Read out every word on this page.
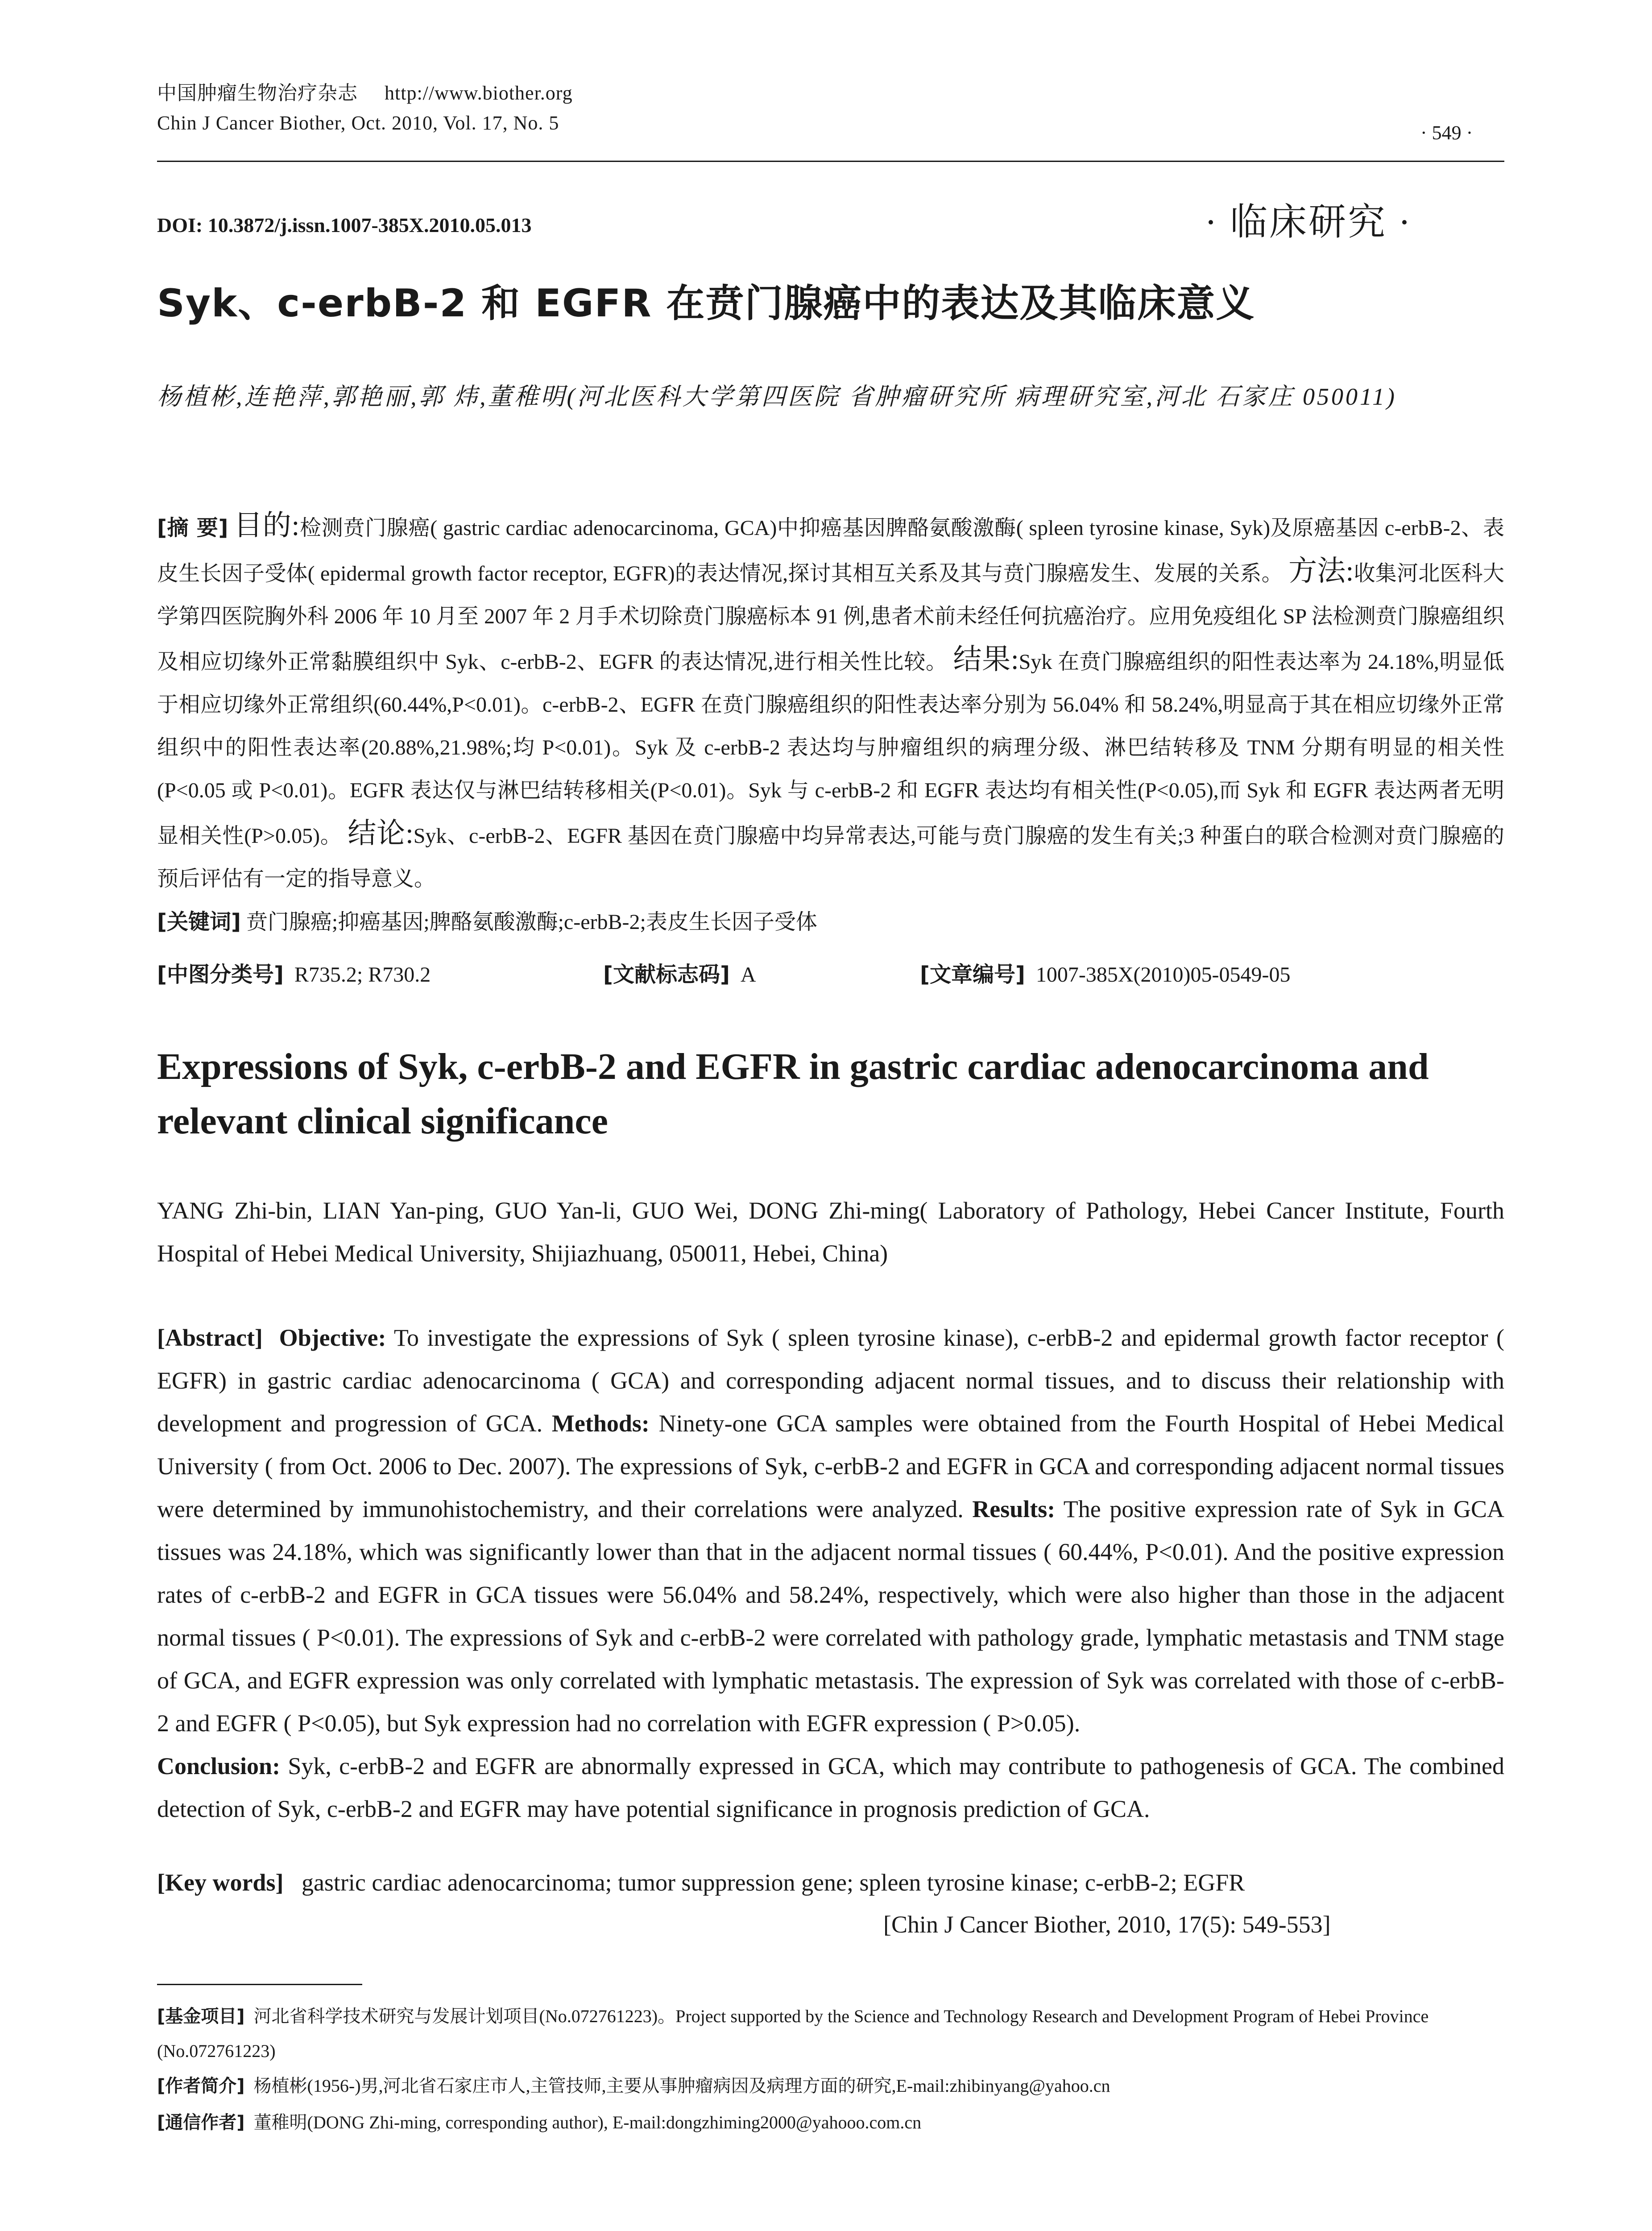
中国肿瘤生物治疗杂志 http://www.biother.org
Chin J Cancer Biother, Oct. 2010, Vol. 17, No. 5	· 549 ·
DOI: 10.3872/j.issn.1007-385X.2010.05.013	· 临床研究 ·
Syk、c-erbB-2 和 EGFR 在贲门腺癌中的表达及其临床意义
杨植彬,连艳萍,郭艳丽,郭 炜,董稚明(河北医科大学第四医院 省肿瘤研究所 病理研究室,河北 石家庄 050011)
[摘 要] 目的:检测贲门腺癌( gastric cardiac adenocarcinoma, GCA)中抑癌基因脾酪氨酸激酶( spleen tyrosine kinase, Syk)及原癌基因 c-erbB-2、表皮生长因子受体( epidermal growth factor receptor, EGFR)的表达情况,探讨其相互关系及其与贲门腺癌发生、发展的关系。 方法:收集河北医科大学第四医院胸外科 2006 年 10 月至 2007 年 2 月手术切除贲门腺癌标本 91 例,患者术前未经任何抗癌治疗。应用免疫组化 SP 法检测贲门腺癌组织及相应切缘外正常黏膜组织中 Syk、c-erbB-2、EGFR 的表达情况,进行相关性比较。 结果:Syk 在贲门腺癌组织的阳性表达率为 24.18%,明显低于相应切缘外正常组织(60.44%,P<0.01)。c-erbB-2、EGFR 在贲门腺癌组织的阳性表达率分别为 56.04% 和 58.24%,明显高于其在相应切缘外正常组织中的阳性表达率(20.88%,21.98%;均 P<0.01)。Syk 及 c-erbB-2 表达均与肿瘤组织的病理分级、淋巴结转移及 TNM 分期有明显的相关性(P<0.05 或 P<0.01)。EGFR 表达仅与淋巴结转移相关(P<0.01)。Syk 与 c-erbB-2 和 EGFR 表达均有相关性(P<0.05),而 Syk 和 EGFR 表达两者无明显相关性(P>0.05)。 结论:Syk、c-erbB-2、EGFR 基因在贲门腺癌中均异常表达,可能与贲门腺癌的发生有关;3 种蛋白的联合检测对贲门腺癌的预后评估有一定的指导意义。
[关键词] 贲门腺癌;抑癌基因;脾酪氨酸激酶;c-erbB-2;表皮生长因子受体
[中图分类号] R735.2; R730.2	[文献标志码] A	[文章编号] 1007-385X(2010)05-0549-05
Expressions of Syk, c-erbB-2 and EGFR in gastric cardiac adenocarcinoma and relevant clinical significance
YANG Zhi-bin, LIAN Yan-ping, GUO Yan-li, GUO Wei, DONG Zhi-ming( Laboratory of Pathology, Hebei Cancer Institute, Fourth Hospital of Hebei Medical University, Shijiazhuang, 050011, Hebei, China)
[Abstract] Objective: To investigate the expressions of Syk ( spleen tyrosine kinase), c-erbB-2 and epidermal growth factor receptor ( EGFR) in gastric cardiac adenocarcinoma ( GCA) and corresponding adjacent normal tissues, and to discuss their relationship with development and progression of GCA. Methods: Ninety-one GCA samples were obtained from the Fourth Hospital of Hebei Medical University ( from Oct. 2006 to Dec. 2007). The expressions of Syk, c-erbB-2 and EGFR in GCA and corresponding adjacent normal tissues were determined by immunohistochemistry, and their correlations were analyzed. Results: The positive expression rate of Syk in GCA tissues was 24.18%, which was significantly lower than that in the adjacent normal tissues ( 60.44%, P<0.01). And the positive expression rates of c-erbB-2 and EGFR in GCA tissues were 56.04% and 58.24%, respectively, which were also higher than those in the adjacent normal tissues ( P<0.01). The expressions of Syk and c-erbB-2 were correlated with pathology grade, lymphatic metastasis and TNM stage of GCA, and EGFR expression was only correlated with lymphatic metastasis. The expression of Syk was correlated with those of c-erbB-2 and EGFR ( P<0.05), but Syk expression had no correlation with EGFR expression ( P>0.05).
Conclusion: Syk, c-erbB-2 and EGFR are abnormally expressed in GCA, which may contribute to pathogenesis of GCA. The combined detection of Syk, c-erbB-2 and EGFR may have potential significance in prognosis prediction of GCA.
[Key words] gastric cardiac adenocarcinoma; tumor suppression gene; spleen tyrosine kinase; c-erbB-2; EGFR
[Chin J Cancer Biother, 2010, 17(5): 549-553]
[基金项目] 河北省科学技术研究与发展计划项目(No.072761223)。Project supported by the Science and Technology Research and Development Program of Hebei Province (No.072761223)
[作者简介] 杨植彬(1956-)男,河北省石家庄市人,主管技师,主要从事肿瘤病因及病理方面的研究,E-mail:zhibinyang@yahoo.cn
[通信作者] 董稚明(DONG Zhi-ming, corresponding author), E-mail:dongzhiming2000@yahooo.com.cn
